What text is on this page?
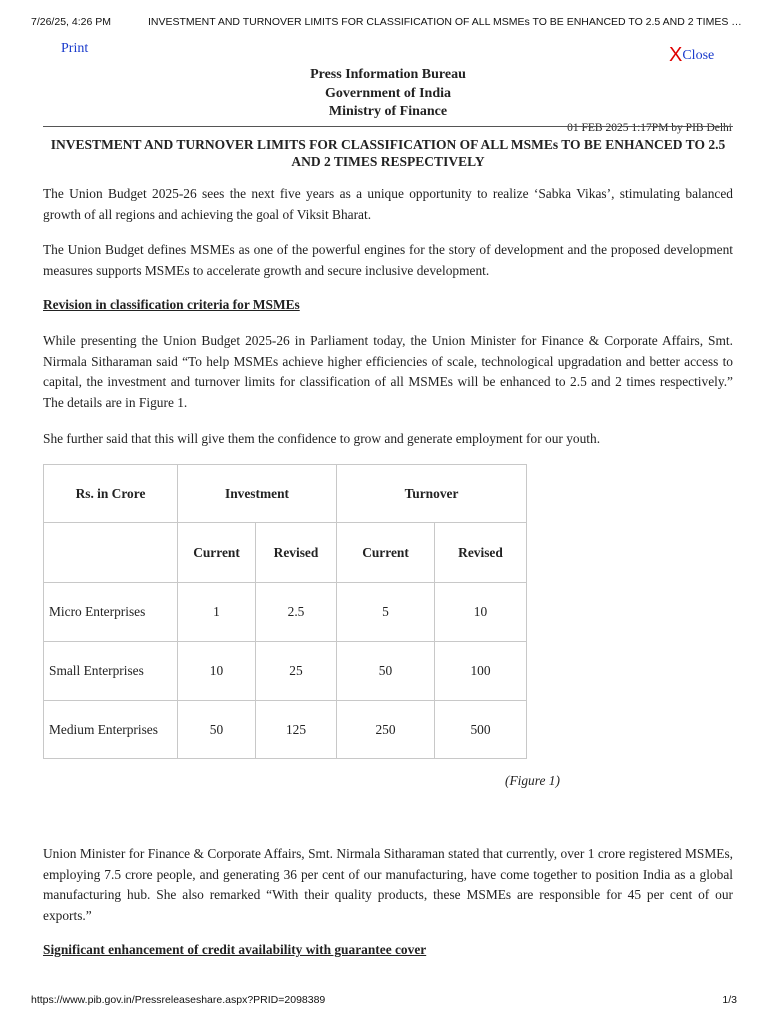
7/26/25, 4:26 PM	INVESTMENT AND TURNOVER LIMITS FOR CLASSIFICATION OF ALL MSMEs TO BE ENHANCED TO 2.5 AND 2 TIMES …
Print	XClose
Press Information Bureau
Government of India
Ministry of Finance
01 FEB 2025 1:17PM by PIB Delhi
INVESTMENT AND TURNOVER LIMITS FOR CLASSIFICATION OF ALL MSMEs TO BE ENHANCED TO 2.5 AND 2 TIMES RESPECTIVELY

The Union Budget 2025-26 sees the next five years as a unique opportunity to realize ‘Sabka Vikas’, stimulating balanced growth of all regions and achieving the goal of Viksit Bharat.

The Union Budget defines MSMEs as one of the powerful engines for the story of development and the proposed development measures supports MSMEs to accelerate growth and secure inclusive development.

Revision in classification criteria for MSMEs

While presenting the Union Budget 2025-26 in Parliament today, the Union Minister for Finance & Corporate Affairs, Smt. Nirmala Sitharaman said “To help MSMEs achieve higher efficiencies of scale, technological upgradation and better access to capital, the investment and turnover limits for classification of all MSMEs will be enhanced to 2.5 and 2 times respectively.” The details are in Figure 1.

She further said that this will give them the confidence to grow and generate employment for our youth.

Rs. in Crore	Investment		Turnover	
	Current	Revised	Current	Revised
Micro Enterprises	1	2.5	5	10
Small Enterprises	10	25	50	100
Medium Enterprises	50	125	250	500
(Figure 1)

Union Minister for Finance & Corporate Affairs, Smt. Nirmala Sitharaman stated that currently, over 1 crore registered MSMEs, employing 7.5 crore people, and generating 36 per cent of our manufacturing, have come together to position India as a global manufacturing hub. She also remarked “With their quality products, these MSMEs are responsible for 45 per cent of our exports.”

Significant enhancement of credit availability with guarantee cover

https://www.pib.gov.in/Pressreleaseshare.aspx?PRID=2098389	1/3
